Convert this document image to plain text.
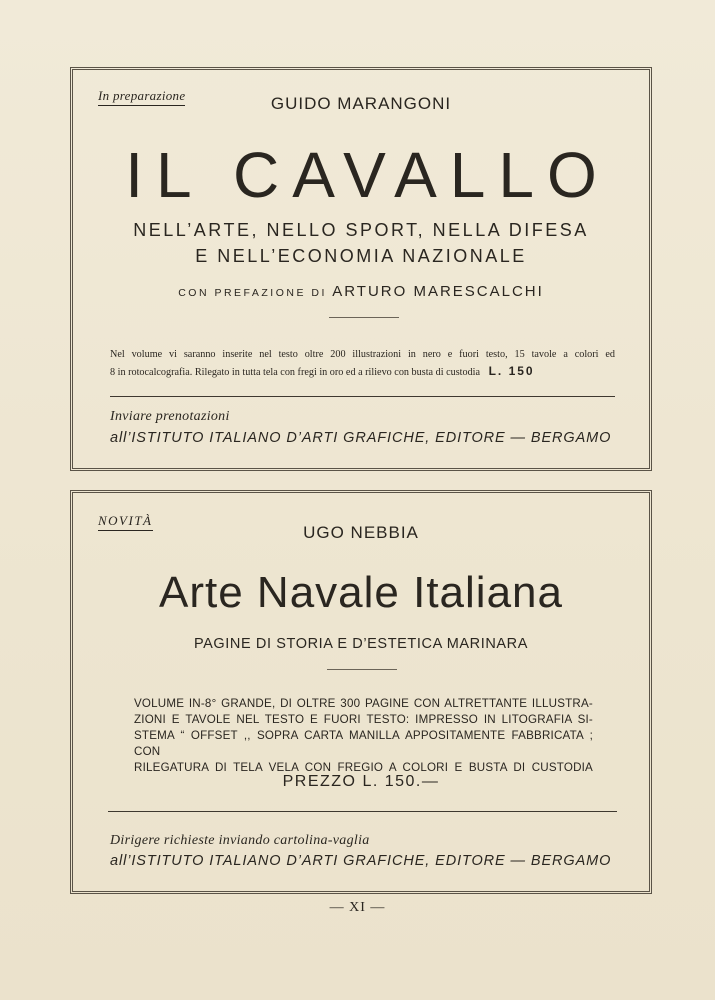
In preparazione	GUIDO MARANGONI
IL CAVALLO
NELL’ARTE, NELLO SPORT, NELLA DIFESA
E NELL’ECONOMIA NAZIONALE
CON PREFAZIONE DI ARTURO MARESCALCHI
Nel volume vi saranno inserite nel testo oltre 200 illustrazioni in nero e fuori testo, 15 tavole a colori ed
8 in rotocalcografia. Rilegato in tutta tela con fregi in oro ed a rilievo con busta di custodia L. 150
Inviare prenotazioni
all’ISTITUTO ITALIANO D’ARTI GRAFICHE, EDITORE — BERGAMO
NOVITÀ
UGO NEBBIA
Arte Navale Italiana
PAGINE DI STORIA E D’ESTETICA MARINARA
VOLUME IN-8° GRANDE, DI OLTRE 300 PAGINE CON ALTRETTANTE ILLUSTRA-
ZIONI E TAVOLE NEL TESTO E FUORI TESTO: IMPRESSO IN LITOGRAFIA SI-
STEMA “ OFFSET ,, SOPRA CARTA MANILLA APPOSITAMENTE FABBRICATA ; CON
RILEGATURA DI TELA VELA CON FREGIO A COLORI E BUSTA DI CUSTODIA
PREZZO L. 150.—
Dirigere richieste inviando cartolina-vaglia
all’ISTITUTO ITALIANO D’ARTI GRAFICHE, EDITORE — BERGAMO
— XI —
